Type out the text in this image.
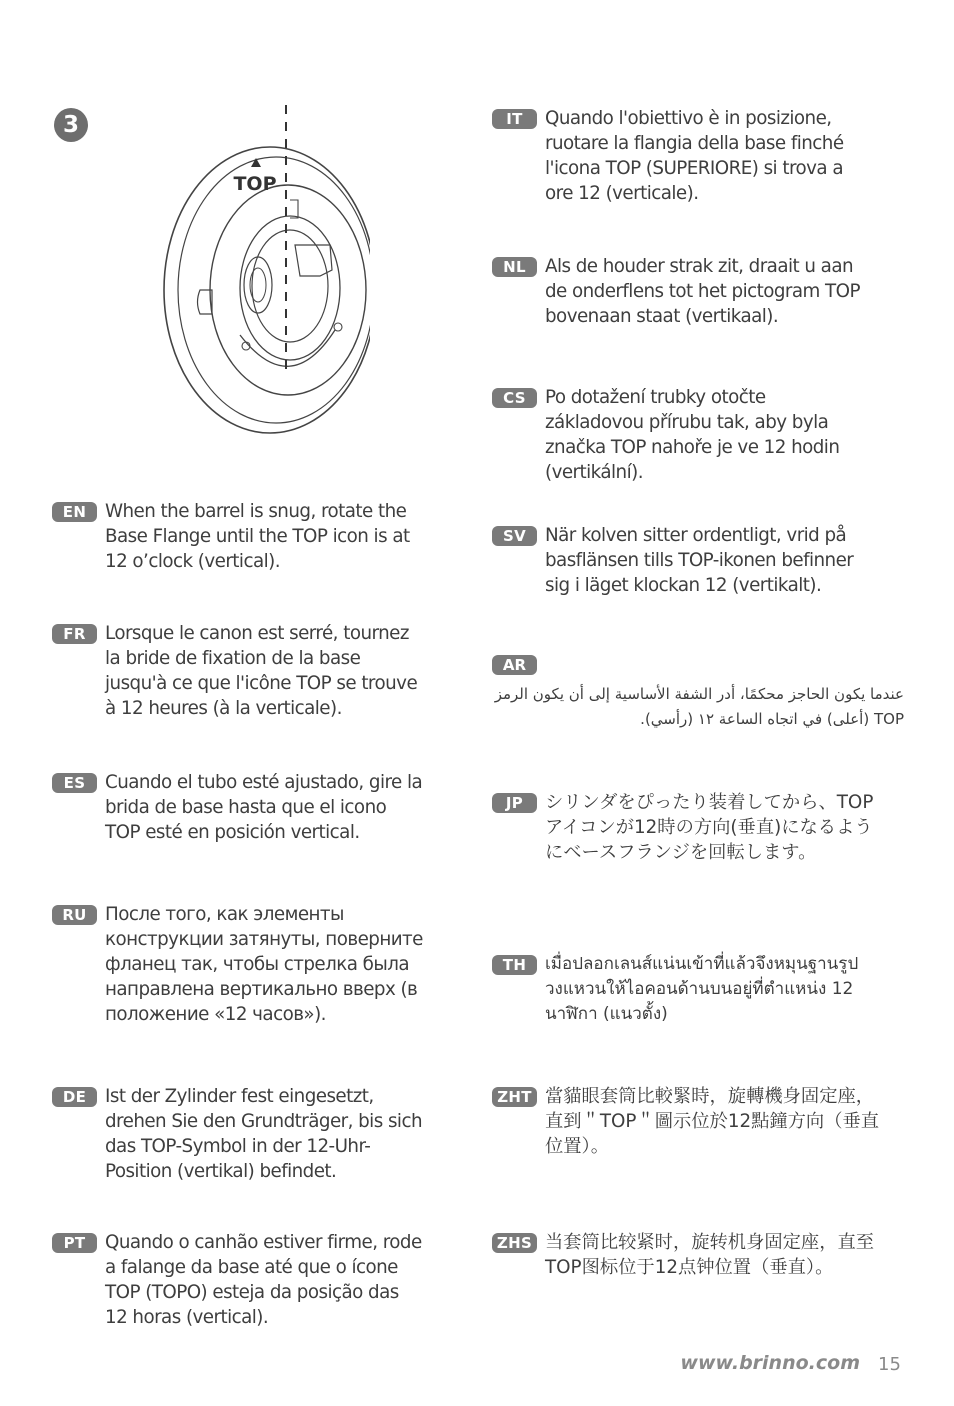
3
TOP
EN	When the barrel is snug, rotate the Base Flange until the TOP icon is at 12 o’clock (vertical).
FR	Lorsque le canon est serré, tournez la bride de fixation de la base jusqu'à ce que l'icône TOP se trouve à 12 heures (à la verticale).
ES	Cuando el tubo esté ajustado, gire la brida de base hasta que el icono TOP esté en posición vertical.
RU	После того, как элементы конструкции затянуты, поверните фланец так, чтобы стрелка была направлена вертикально вверх (в положение «12 часов»).
DE	Ist der Zylinder fest eingesetzt, drehen Sie den Grundträger, bis sich das TOP-Symbol in der 12-Uhr-Position (vertikal) befindet.
PT	Quando o canhão estiver firme, rode a falange da base até que o ícone TOP (TOPO) esteja da posição das 12 horas (vertical).
IT	Quando l'obiettivo è in posizione, ruotare la flangia della base finché l'icona TOP (SUPERIORE) si trova a ore 12 (verticale).
NL	Als de houder strak zit, draait u aan de onderflens tot het pictogram TOP bovenaan staat (vertikaal).
CS	Po dotažení trubky otočte základovou přírubu tak, aby byla značka TOP nahoře je ve 12 hodin (vertikální).
SV	När kolven sitter ordentligt, vrid på basflänsen tills TOP-ikonen befinner sig i läget klockan 12 (vertikalt).
AR
عندما يكون الحاجز محكمًا، أدر الشفة الأساسية إلى أن يكون الرمز TOP (أعلى) في اتجاه الساعة ١٢ (رأسي).
JP	シリンダをぴったり装着してから、TOPアイコンが12時の方向(垂直)になるようにベースフランジを回転します。
TH	เมื่อปลอกเลนส์แน่นเข้าที่แล้วจึงหมุนฐานรูปวงแหวนให้ไอคอนด้านบนอยู่ที่ตำแหน่ง 12 นาฬิกา (แนวตั้ง)
ZHT 當貓眼套筒比較緊時，旋轉機身固定座，直到＂TOP＂圖示位於12點鐘方向（垂直位置）。
ZHS 当套筒比较紧时，旋转机身固定座，直至TOP图标位于12点钟位置（垂直）。
www.brinno.com 15
